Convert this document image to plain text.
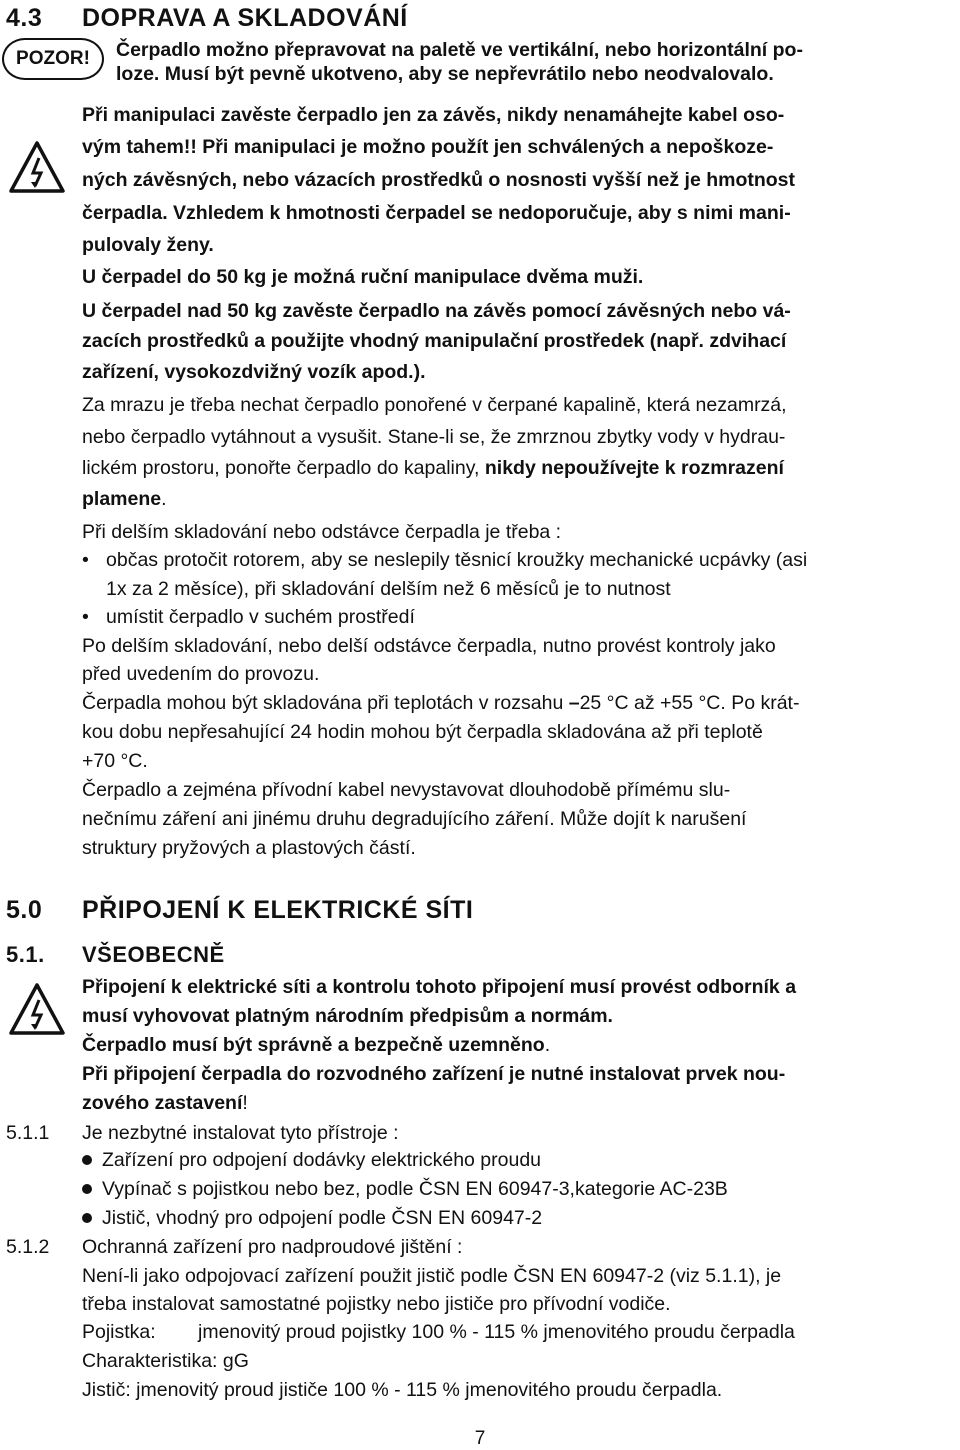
4.3 DOPRAVA A SKLADOVÁNÍ
POZOR!	Čerpadlo možno přepravovat na paletě ve vertikální, nebo horizontální po-
loze. Musí být pevně ukotveno, aby se nepřevrátilo nebo neodvalovalo.
Při manipulaci zavěste čerpadlo jen za závěs, nikdy nenamáhejte kabel oso-
vým tahem!! Při manipulaci je možno použít jen schválených a nepoškoze-
ných závěsných, nebo vázacích prostředků o nosnosti vyšší než je hmotnost
čerpadla. Vzhledem k hmotnosti čerpadel se nedoporučuje, aby s nimi mani-
pulovaly ženy.
U čerpadel do 50 kg je možná ruční manipulace dvěma muži.
U čerpadel nad 50 kg zavěste čerpadlo na závěs pomocí závěsných nebo vá-
zacích prostředků a použijte vhodný manipulační prostředek (např. zdvihací
zařízení, vysokozdvižný vozík apod.).
Za mrazu je třeba nechat čerpadlo ponořené v čerpané kapalině, která nezamrzá,
nebo čerpadlo vytáhnout a vysušit. Stane-li se, že zmrznou zbytky vody v hydrau-
lickém prostoru, ponořte čerpadlo do kapaliny, nikdy nepoužívejte k rozmrazení
plamene.
Při delším skladování nebo odstávce čerpadla je třeba :
• občas protočit rotorem, aby se neslepily těsnicí kroužky mechanické ucpávky (asi
1x za 2 měsíce), při skladování delším než 6 měsíců je to nutnost
• umístit čerpadlo v suchém prostředí
Po delším skladování, nebo delší odstávce čerpadla, nutno provést kontroly jako
před uvedením do provozu.
Čerpadla mohou být skladována při teplotách v rozsahu –25 °C až +55 °C. Po krát-
kou dobu nepřesahující 24 hodin mohou být čerpadla skladována až při teplotě
+70 °C.
Čerpadlo a zejména přívodní kabel nevystavovat dlouhodobě přímému slu-
nečnímu záření ani jinému druhu degradujícího záření. Může dojít k narušení
struktury pryžových a plastových částí.
5.0 PŘIPOJENÍ K ELEKTRICKÉ SÍTI
5.1. VŠEOBECNĚ
Připojení k elektrické síti a kontrolu tohoto připojení musí provést odborník a
musí vyhovovat platným národním předpisům a normám.
Čerpadlo musí být správně a bezpečně uzemněno.
Při připojení čerpadla do rozvodného zařízení je nutné instalovat prvek nou-
zového zastavení!
5.1.1 Je nezbytné instalovat tyto přístroje :
Zařízení pro odpojení dodávky elektrického proudu
Vypínač s pojistkou nebo bez, podle ČSN EN 60947-3,kategorie AC-23B
Jistič, vhodný pro odpojení podle ČSN EN 60947-2
5.1.2 Ochranná zařízení pro nadproudové jištění :
Není-li jako odpojovací zařízení použit jistič podle ČSN EN 60947-2 (viz 5.1.1), je
třeba instalovat samostatné pojistky nebo jističe pro přívodní vodiče.
Pojistka: jmenovitý proud pojistky 100 % - 115 % jmenovitého proudu čerpadla
Charakteristika: gG
Jistič: jmenovitý proud jističe 100 % - 115 % jmenovitého proudu čerpadla.
7
